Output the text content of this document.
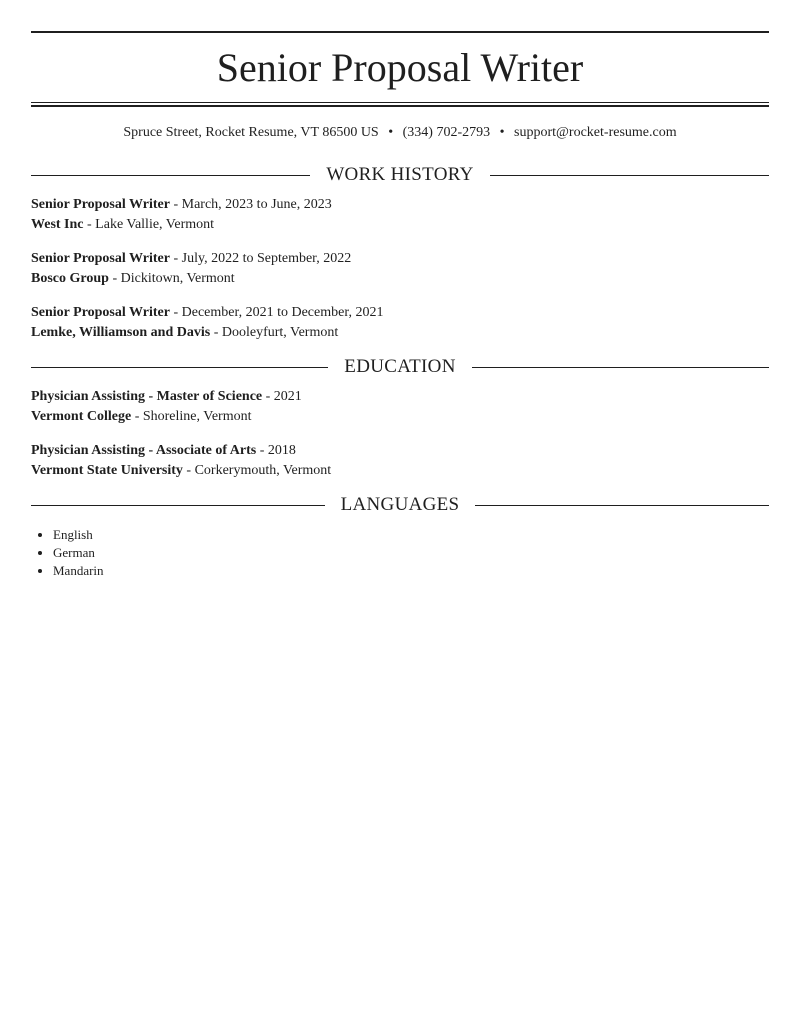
Senior Proposal Writer
Spruce Street, Rocket Resume, VT 86500 US • (334) 702-2793 • support@rocket-resume.com
WORK HISTORY
Senior Proposal Writer - March, 2023 to June, 2023
West Inc - Lake Vallie, Vermont
Senior Proposal Writer - July, 2022 to September, 2022
Bosco Group - Dickitown, Vermont
Senior Proposal Writer - December, 2021 to December, 2021
Lemke, Williamson and Davis - Dooleyfurt, Vermont
EDUCATION
Physician Assisting - Master of Science - 2021
Vermont College - Shoreline, Vermont
Physician Assisting - Associate of Arts - 2018
Vermont State University - Corkerymouth, Vermont
LANGUAGES
• English
• German
• Mandarin
